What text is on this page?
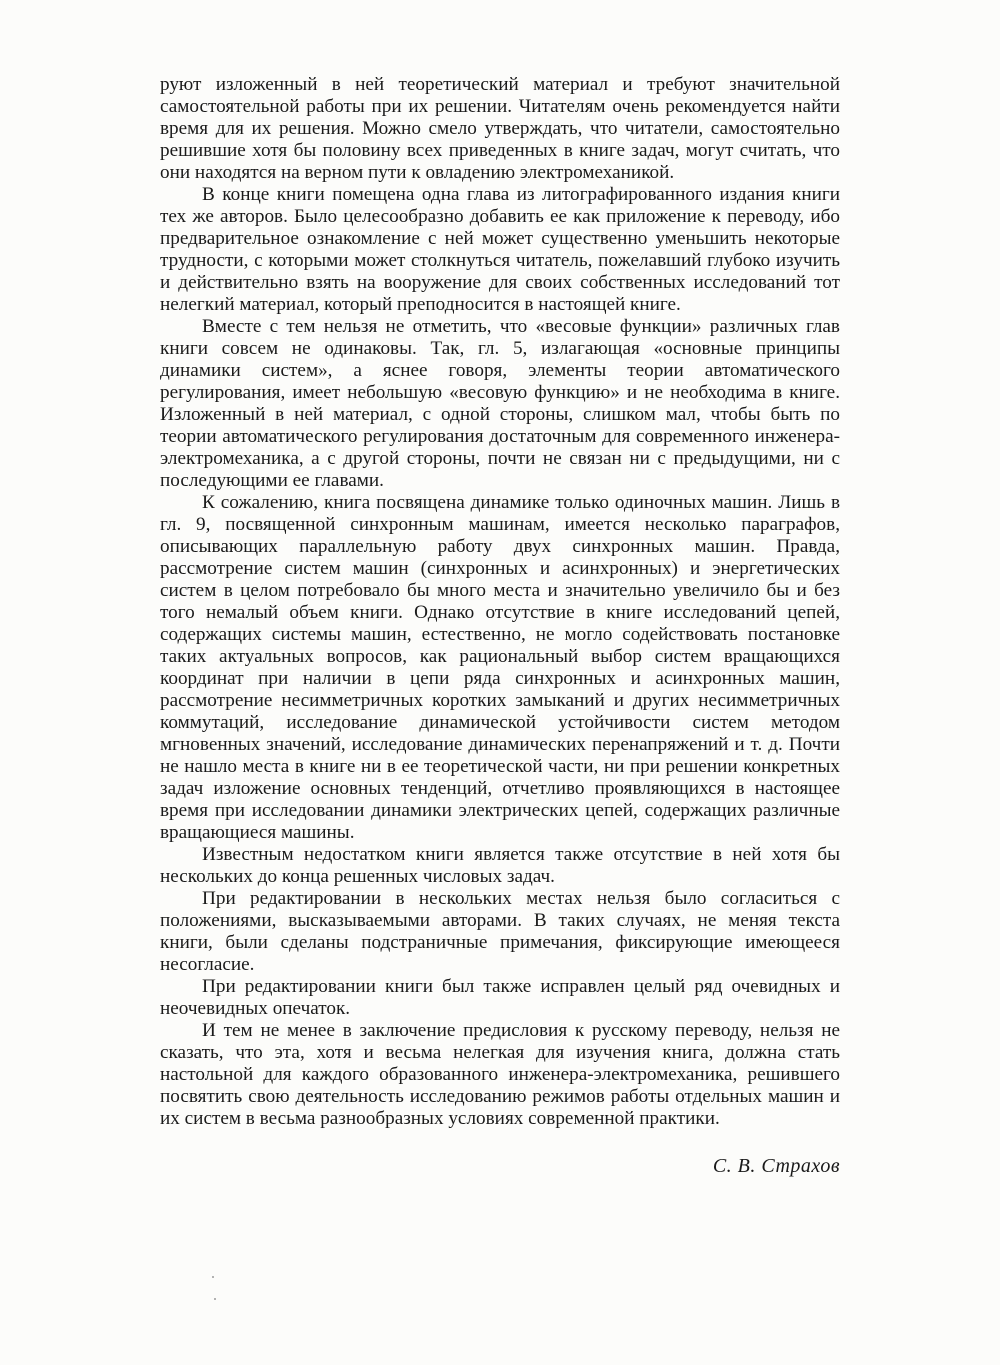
руют изложенный в ней теоретический материал и требуют значительной самостоятельной работы при их решении. Читателям очень рекомендуется найти время для их решения. Можно смело утверждать, что читатели, самостоятельно решившие хотя бы половину всех приведенных в книге задач, могут считать, что они находятся на верном пути к овладению электромеханикой.

В конце книги помещена одна глава из литографированного издания книги тех же авторов. Было целесообразно добавить ее как приложение к переводу, ибо предварительное ознакомление с ней может существенно уменьшить некоторые трудности, с которыми может столкнуться читатель, пожелавший глубоко изучить и действительно взять на вооружение для своих собственных исследований тот нелегкий материал, который преподносится в настоящей книге.

Вместе с тем нельзя не отметить, что «весовые функции» различных глав книги совсем не одинаковы. Так, гл. 5, излагающая «основные принципы динамики систем», а яснее говоря, элементы теории автоматического регулирования, имеет небольшую «весовую функцию» и не необходима в книге. Изложенный в ней материал, с одной стороны, слишком мал, чтобы быть по теории автоматического регулирования достаточным для современного инженера-электромеханика, а с другой стороны, почти не связан ни с предыдущими, ни с последующими ее главами.

К сожалению, книга посвящена динамике только одиночных машин. Лишь в гл. 9, посвященной синхронным машинам, имеется несколько параграфов, описывающих параллельную работу двух синхронных машин. Правда, рассмотрение систем машин (синхронных и асинхронных) и энергетических систем в целом потребовало бы много места и значительно увеличило бы и без того немалый объем книги. Однако отсутствие в книге исследований цепей, содержащих системы машин, естественно, не могло содействовать постановке таких актуальных вопросов, как рациональный выбор систем вращающихся координат при наличии в цепи ряда синхронных и асинхронных машин, рассмотрение несимметричных коротких замыканий и других несимметричных коммутаций, исследование динамической устойчивости систем методом мгновенных значений, исследование динамических перенапряжений и т. д. Почти не нашло места в книге ни в ее теоретической части, ни при решении конкретных задач изложение основных тенденций, отчетливо проявляющихся в настоящее время при исследовании динамики электрических цепей, содержащих различные вращающиеся машины.

Известным недостатком книги является также отсутствие в ней хотя бы нескольких до конца решенных числовых задач.

При редактировании в нескольких местах нельзя было согласиться с положениями, высказываемыми авторами. В таких случаях, не меняя текста книги, были сделаны подстраничные примечания, фиксирующие имеющееся несогласие.

При редактировании книги был также исправлен целый ряд очевидных и неочевидных опечаток.

И тем не менее в заключение предисловия к русскому переводу, нельзя не сказать, что эта, хотя и весьма нелегкая для изучения книга, должна стать настольной для каждого образованного инженера-электромеханика, решившего посвятить свою деятельность исследованию режимов работы отдельных машин и их систем в весьма разнообразных условиях современной практики.

С. В. Страхов
